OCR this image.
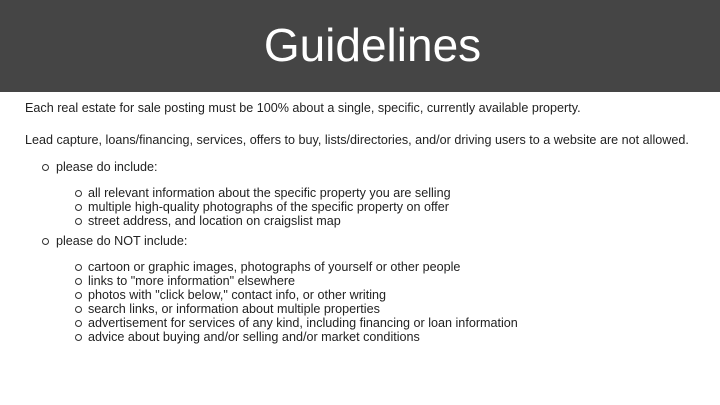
Guidelines

Each real estate for sale posting must be 100% about a single, specific, currently available property.

Lead capture, loans/financing, services, offers to buy, lists/directories, and/or driving users to a website are not allowed.

please do include:
all relevant information about the specific property you are selling
multiple high-quality photographs of the specific property on offer
street address, and location on craigslist map
please do NOT include:
cartoon or graphic images, photographs of yourself or other people
links to "more information" elsewhere
photos with "click below," contact info, or other writing
search links, or information about multiple properties
advertisement for services of any kind, including financing or loan information
advice about buying and/or selling and/or market conditions
